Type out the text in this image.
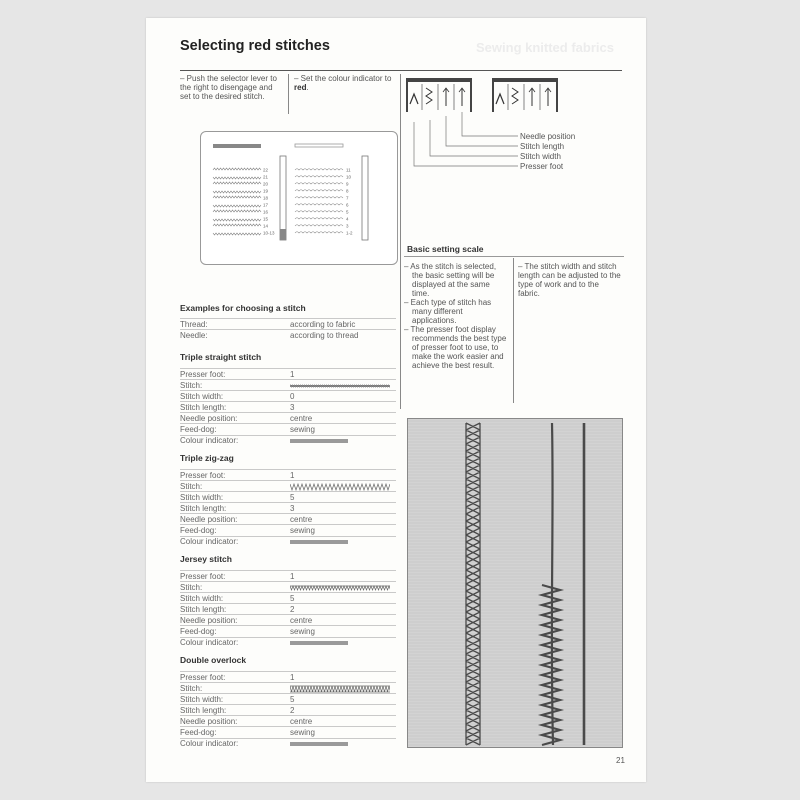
Sewing knitted fabrics
Selecting red stitches
– Push the selector lever to the right to disengage and set to the desired stitch.
– Set the colour indicator to red.
22
21
20
19
18
17
16
15
14
10-13
11
10
9
8
7
6
5
4
3
1-2
Needle position
Stitch length
Stitch width
Presser foot
Basic setting scale
– As the stitch is selected, the basic setting will be displayed at the same time.
– Each type of stitch has many different applications.
– The presser foot display recommends the best type of presser foot to use, to make the work easier and achieve the best result.
– The stitch width and stitch length can be adjusted to the type of work and to the fabric.
Examples for choosing a stitch
Thread:	according to fabric
Needle:	according to thread
21
Triple straight stitch
Presser foot:	1
Stitch:	
Stitch width:	0
Stitch length:	3
Needle position:	centre
Feed-dog:	sewing
Colour indicator:	
Triple zig-zag
Presser foot:	1
Stitch:	
Stitch width:	5
Stitch length:	3
Needle position:	centre
Feed-dog:	sewing
Colour indicator:	
Jersey stitch
Presser foot:	1
Stitch:	
Stitch width:	5
Stitch length:	2
Needle position:	centre
Feed-dog:	sewing
Colour indicator:	
Double overlock
Presser foot:	1
Stitch:	
Stitch width:	5
Stitch length:	2
Needle position:	centre
Feed-dog:	sewing
Colour indicator:	
